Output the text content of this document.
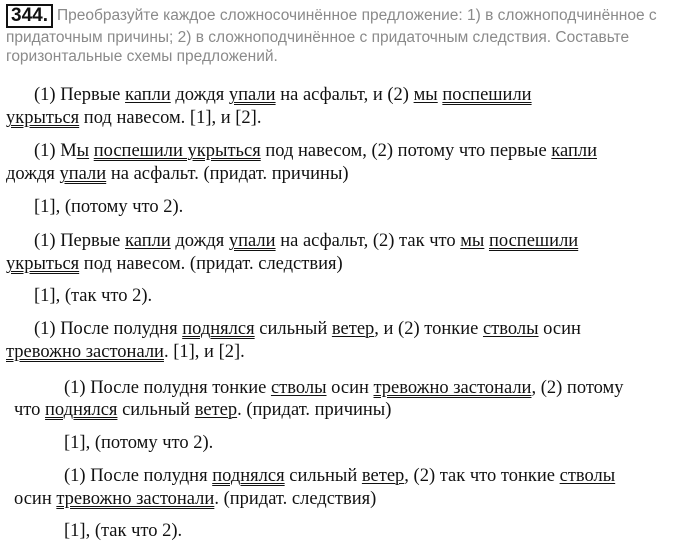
344. Преобразуйте каждое сложносочинённое предложение: 1) в сложноподчинённое с придаточным причины; 2) в сложноподчинённое с придаточным следствия. Составьте горизонтальные схемы предложений.
(1) Первые капли дождя упали на асфальт, и (2) мы поспешили
укрыться под навесом. [1], и [2].
(1) Мы поспешили укрыться под навесом, (2) потому что первые капли
дождя упали на асфальт. (придат. причины)
[1], (потому что 2).
(1) Первые капли дождя упали на асфальт, (2) так что мы поспешили
укрыться под навесом. (придат. следствия)
[1], (так что 2).
(1) После полудня поднялся сильный ветер, и (2) тонкие стволы осин
тревожно застонали. [1], и [2].
(1) После полудня тонкие стволы осин тревожно застонали, (2) потому
что поднялся сильный ветер. (придат. причины)
[1], (потому что 2).
(1) После полудня поднялся сильный ветер, (2) так что тонкие стволы
осин тревожно застонали. (придат. следствия)
[1], (так что 2).
